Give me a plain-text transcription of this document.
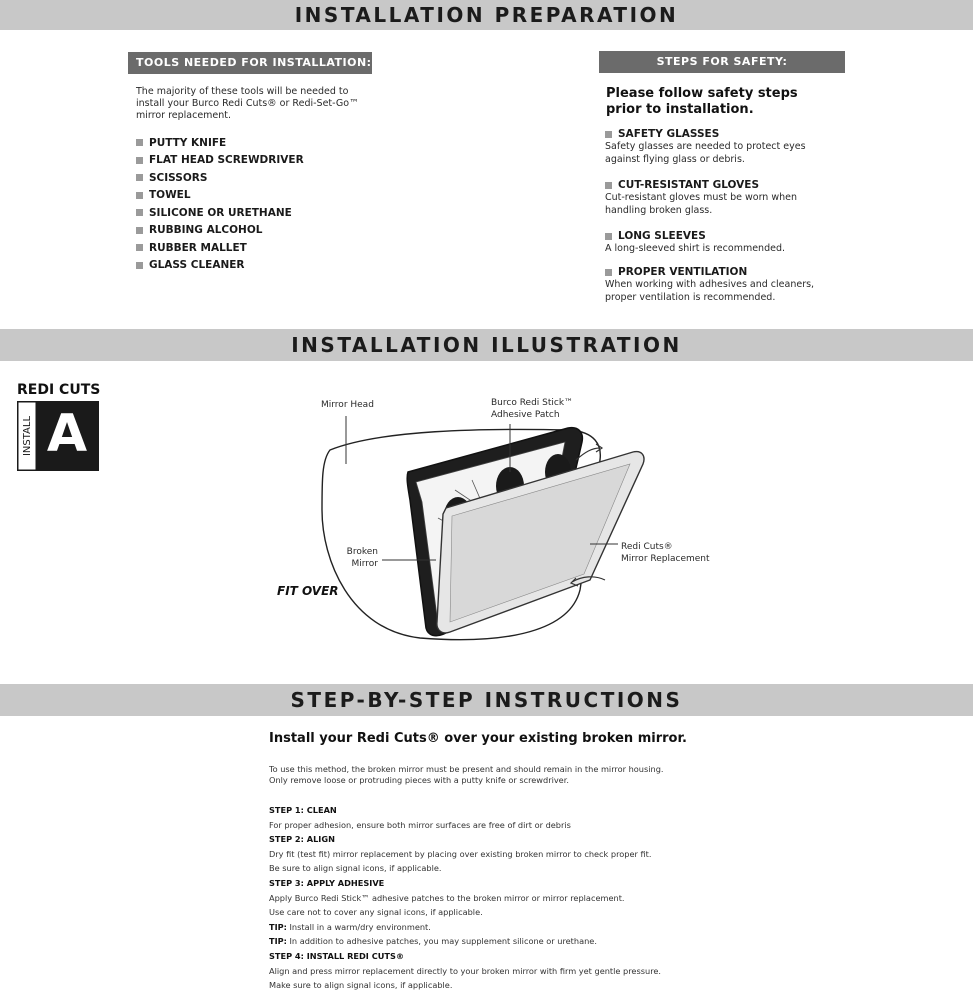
INSTALLATION PREPARATION
INSTALLATION ILLUSTRATION
STEP-BY-STEP INSTRUCTIONS
TOOLS NEEDED FOR INSTALLATION:
The majority of these tools will be needed to
install your Burco Redi Cuts® or Redi-Set-Go™
mirror replacement.
PUTTY KNIFE
FLAT HEAD SCREWDRIVER
SCISSORS
TOWEL
SILICONE OR URETHANE
RUBBING ALCOHOL
RUBBER MALLET
GLASS CLEANER
STEPS FOR SAFETY:
Please follow safety steps
prior to installation.
SAFETY GLASSES
Safety glasses are needed to protect eyes
against flying glass or debris.
CUT-RESISTANT GLOVES
Cut-resistant gloves must be worn when
handling broken glass.
LONG SLEEVES
A long-sleeved shirt is recommended.
PROPER VENTILATION
When working with adhesives and cleaners,
proper ventilation is recommended.
REDI CUTS
INSTALL A	Mirror Head	Burco Redi Stick™
Adhesive Patch
Broken
Mirror
Redi Cuts®
Mirror Replacement
FIT OVER
Install your Redi Cuts® over your existing broken mirror.
To use this method, the broken mirror must be present and should remain in the mirror housing.
Only remove loose or protruding pieces with a putty knife or screwdriver.
STEP 1: CLEAN
For proper adhesion, ensure both mirror surfaces are free of dirt or debris
STEP 2: ALIGN
Dry fit (test fit) mirror replacement by placing over existing broken mirror to check proper fit.
Be sure to align signal icons, if applicable.
STEP 3: APPLY ADHESIVE
Apply Burco Redi Stick™ adhesive patches to the broken mirror or mirror replacement.
Use care not to cover any signal icons, if applicable.
TIP: Install in a warm/dry environment.
TIP: In addition to adhesive patches, you may supplement silicone or urethane.
STEP 4: INSTALL REDI CUTS®
Align and press mirror replacement directly to your broken mirror with firm yet gentle pressure.
Make sure to align signal icons, if applicable.
